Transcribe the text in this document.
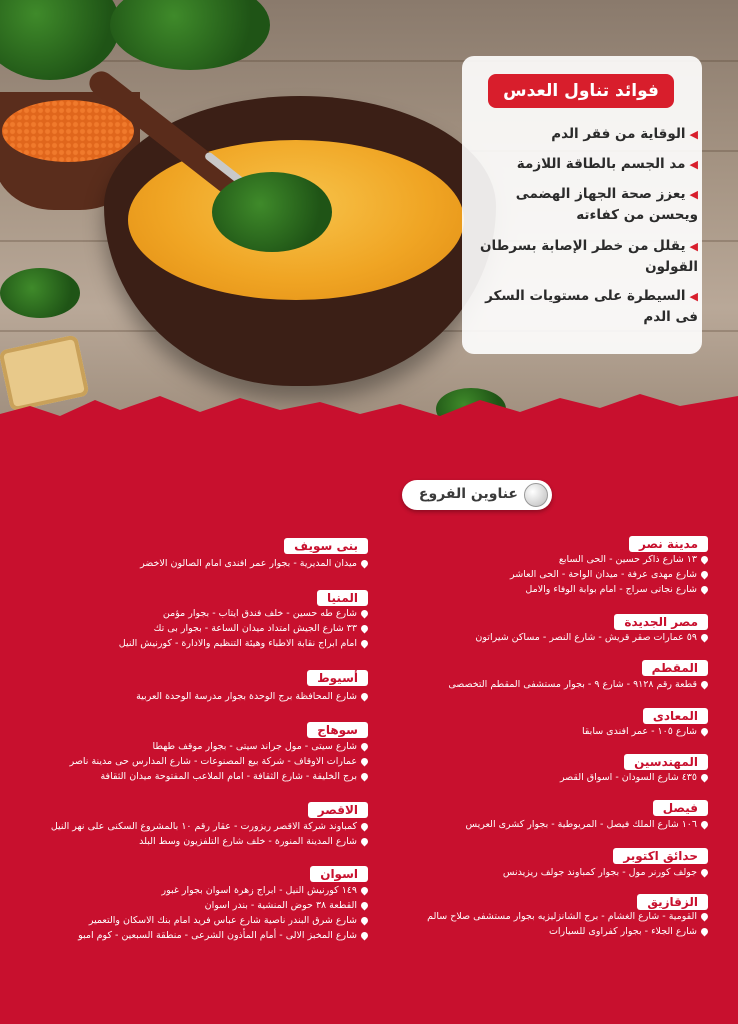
فوائد تناول العدس
◀الوقاية من فقر الدم
◀مد الجسم بالطاقة اللازمة
◀يعزز صحة الجهاز الهضمى ويحسن من كفاءته
◀يقلل من خطر الإصابة بسرطان القولون
◀السيطرة على مستويات السكر فى الدم
عناوين الفروع
مدينة نصر
١٣ شارع ذاكر حسين - الحى السابع
شارع مهدى عرفة - ميدان الواحة - الحى العاشر
شارع نجاتى سراج - امام بوابة الوفاء والامل
مصر الجديدة
٥٩ عمارات صقر قريش - شارع النصر - مساكن شيراتون
المقطم
قطعة رقم ٩١٢٨ - شارع ٩ - بجوار مستشفى المقطم التخصصى
المعادى
شارع ١٠٥ - عمر افندى سابقا
المهندسين
٤٣٥ شارع السودان - اسواق القصر
فيصل
١٠٦ شارع الملك فيصل - المريوطية - بجوار كشرى العريس
حدائق اكتوبر
جولف كورنر مول - بجوار كمباوند جولف ريزيدنس
الزقازيق
القومية - شارع الغشام - برج الشانزليزيه بجوار مستشفى صلاح سالم
شارع الجلاء - بجوار كفراوى للسيارات
بنى سويف
ميدان المديرية - بجوار عمر افندى امام الصالون الاخضر
المنيا
شارع طه حسين - خلف فندق ايتاب - بجوار مؤمن
٣٣ شارع الجيش امتداد ميدان الساعة - بجوار بى تك
امام ابراج نقابة الاطباء وهيئة التنظيم والادارة - كورنيش النيل
أسيوط
شارع المحافظة برج الوحدة بجوار مدرسة الوحدة العربية
سوهاج
شارع سيتى - مول جراند سيتى - بجوار موقف طهطا
عمارات الاوقاف - شركة بيع المصنوعات - شارع المدارس حى مدينة ناصر
برج الخليفة - شارع الثقافة - امام الملاعب المفتوحة ميدان الثقافة
الاقصر
كمباوند شركة الاقصر ريزورت - عقار رقم ١٠ بالمشروع السكنى على نهر النيل
شارع المدينة المنورة - خلف شارع التلفزيون وسط البلد
اسوان
١٤٩ كورنيش النيل - ابراج زهرة اسوان بجوار غبور
القطعة ٣٨ حوض المنشية - بندر اسوان
شارع شرق البندر ناصية شارع عباس فريد امام بنك الاسكان والتعمير
شارع المخبز الالى - أمام المأذون الشرعى - منطقة السبعين - كوم امبو
